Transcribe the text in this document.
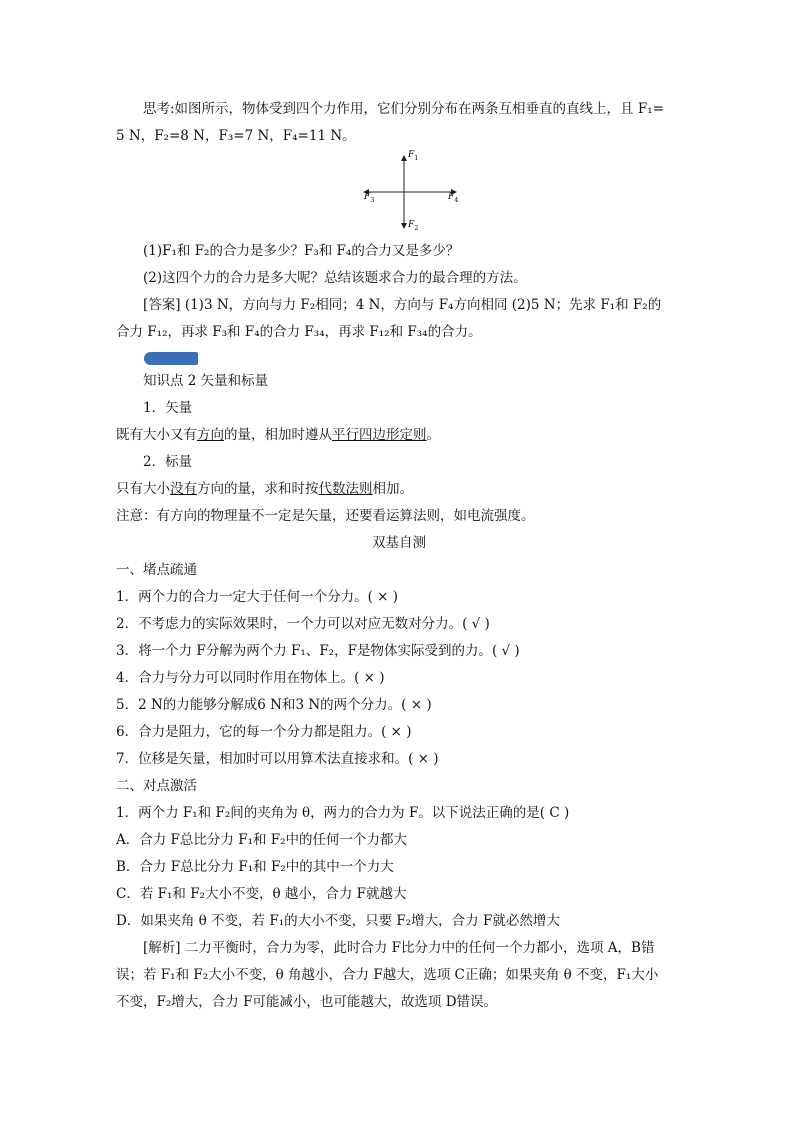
思考:如图所示，物体受到四个力作用，它们分别分布在两条互相垂直的直线上，且 F₁=
5 N，F₂=8 N，F₃=7 N，F₄=11 N。
$F_1$
$F_2$
$F_3$	$F_4$
(1)F₁和 F₂的合力是多少？F₃和 F₄的合力又是多少？
(2)这四个力的合力是多大呢？总结该题求合力的最合理的方法。
[答案] (1)3 N，方向与力 F₂相同；4 N，方向与 F₄方向相同 (2)5 N；先求 F₁和 F₂的
合力 F₁₂，再求 F₃和 F₄的合力 F₃₄，再求 F₁₂和 F₃₄的合力。
知识点 2 矢量和标量
1．矢量
既有大小又有方向的量，相加时遵从平行四边形定则。
2．标量
只有大小没有方向的量，求和时按代数法则相加。
注意：有方向的物理量不一定是矢量，还要看运算法则，如电流强度。
双基自测
一、堵点疏通
1．两个力的合力一定大于任何一个分力。( × )
2．不考虑力的实际效果时，一个力可以对应无数对分力。( √ )
3．将一个力 F分解为两个力 F₁、F₂，F是物体实际受到的力。( √ )
4．合力与分力可以同时作用在物体上。( × )
5．2 N的力能够分解成6 N和3 N的两个分力。( × )
6．合力是阻力，它的每一个分力都是阻力。( × )
7．位移是矢量，相加时可以用算术法直接求和。( × )
二、对点激活
1．两个力 F₁和 F₂间的夹角为 θ，两力的合力为 F。以下说法正确的是( C )
A．合力 F总比分力 F₁和 F₂中的任何一个力都大
B．合力 F总比分力 F₁和 F₂中的其中一个力大
C．若 F₁和 F₂大小不变，θ 越小，合力 F就越大
D．如果夹角 θ 不变，若 F₁的大小不变，只要 F₂增大，合力 F就必然增大
[解析] 二力平衡时，合力为零，此时合力 F比分力中的任何一个力都小，选项 A，B错
误；若 F₁和 F₂大小不变，θ 角越小，合力 F越大，选项 C正确；如果夹角 θ 不变，F₁大小
不变，F₂增大，合力 F可能减小，也可能越大，故选项 D错误。
